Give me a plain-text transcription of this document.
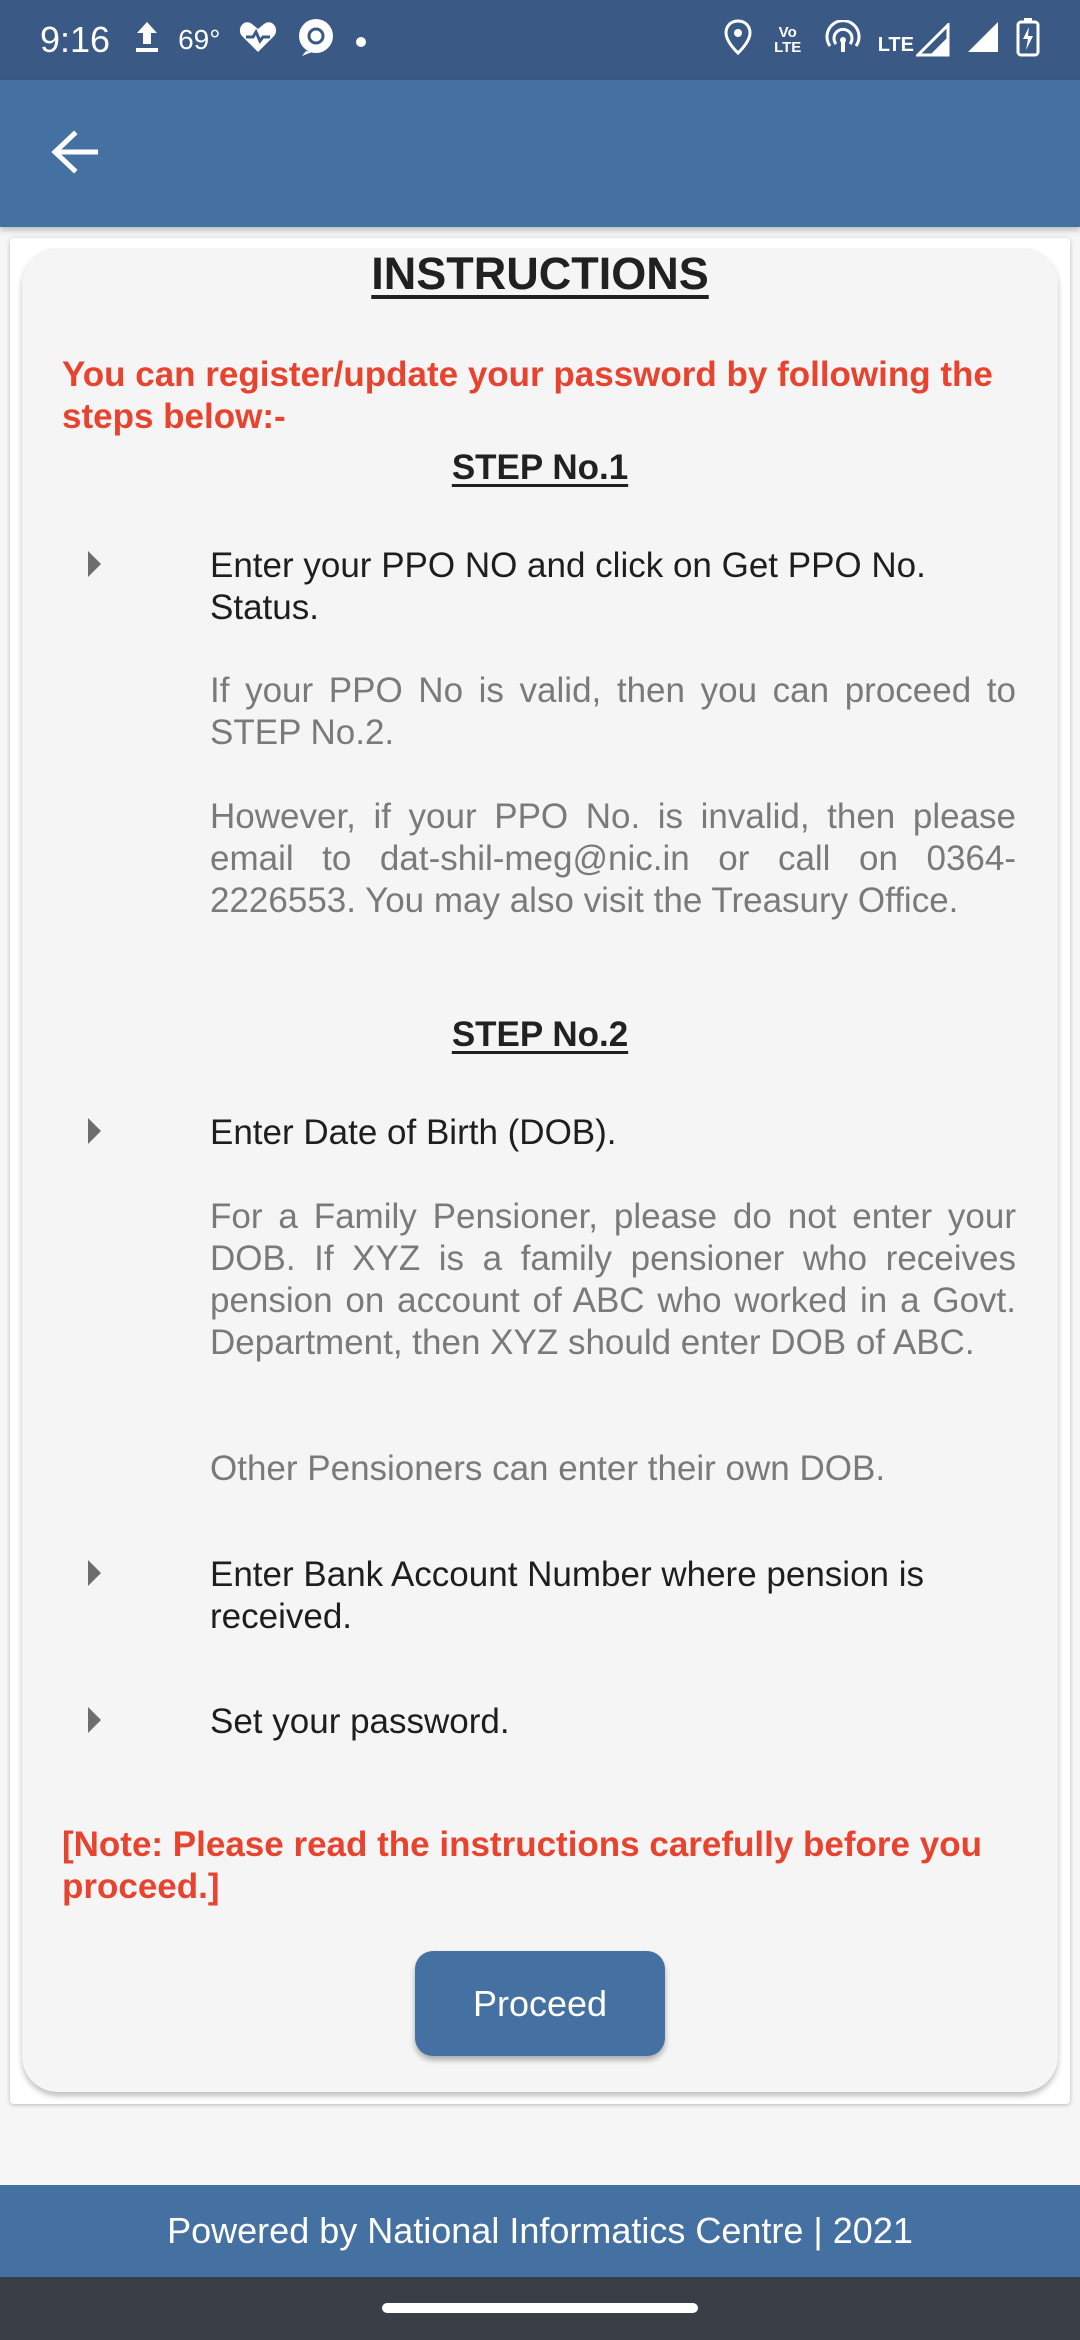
9:16 69°	Vo LTE	LTE
INSTRUCTIONS
You can register/update your password by following the steps below:-
STEP No.1
Enter your PPO NO and click on Get PPO No. Status.
If your PPO No is valid, then you can proceed to STEP No.2.
However, if your PPO No. is invalid, then please email to dat-shil-meg@nic.in or call on 0364-2226553. You may also visit the Treasury Office.
STEP No.2
Enter Date of Birth (DOB).
For a Family Pensioner, please do not enter your DOB. If XYZ is a family pensioner who receives pension on account of ABC who worked in a Govt. Department, then XYZ should enter DOB of ABC.
Other Pensioners can enter their own DOB.
Enter Bank Account Number where pension is received.
Set your password.
[Note: Please read the instructions carefully before you proceed.]
Proceed
Powered by National Informatics Centre | 2021
